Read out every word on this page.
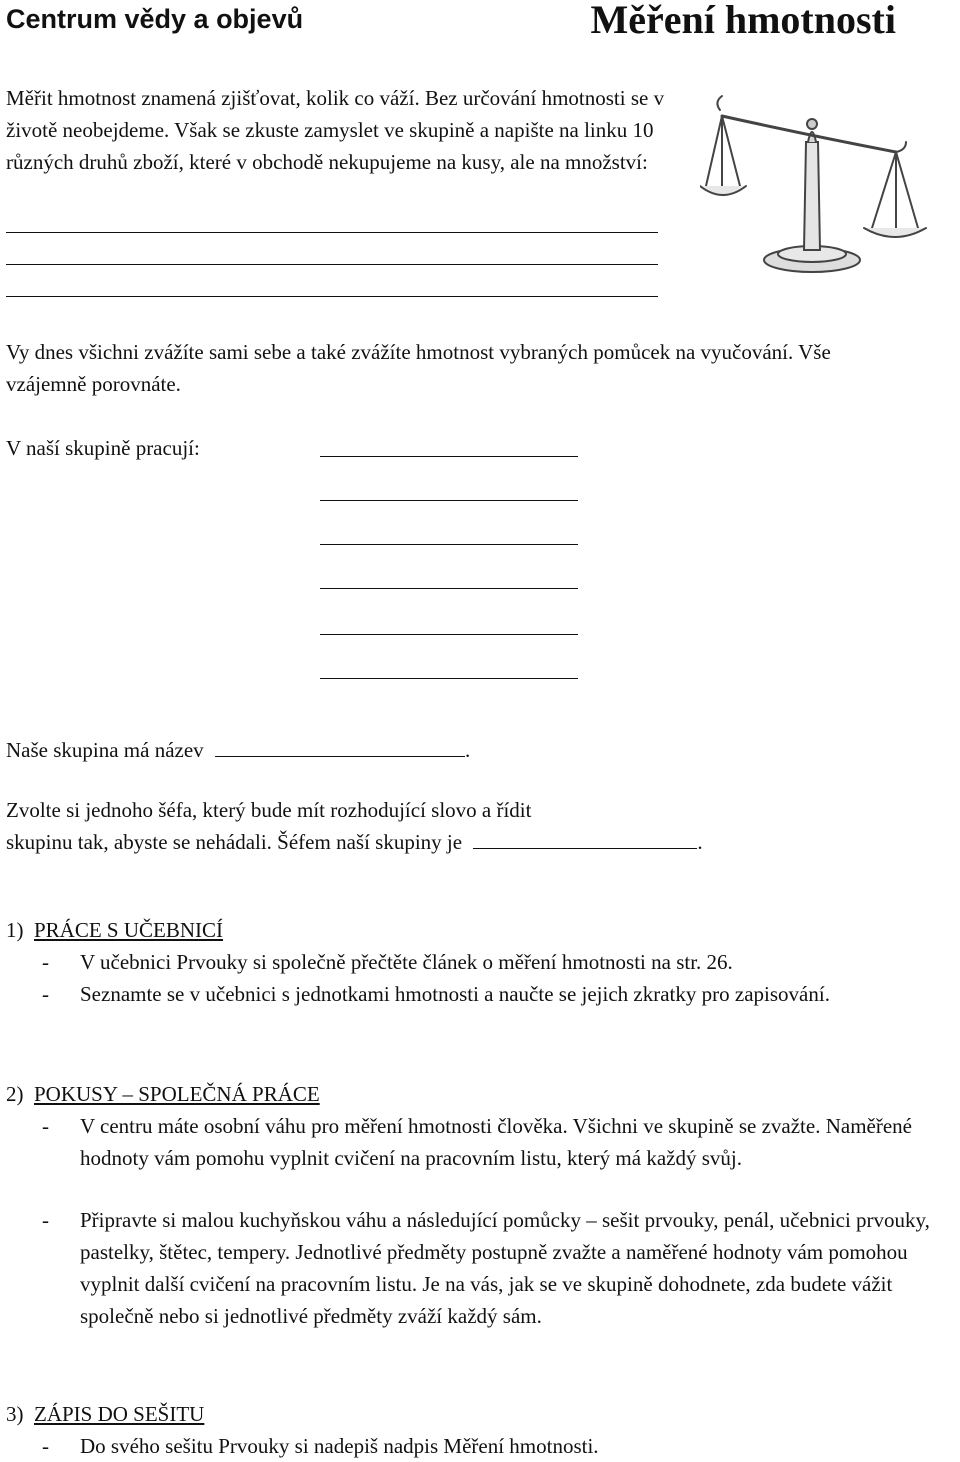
Centrum vědy a objevů	Měření hmotnosti
Měřit hmotnost znamená zjišťovat, kolik co váží. Bez určování hmotnosti se v životě neobejdeme. Však se zkuste zamyslet ve skupině a napište na linku 10 různých druhů zboží, které v obchodě nekupujeme na kusy, ale na množství:
Vy dnes všichni zvážíte sami sebe a také zvážíte hmotnost vybraných pomůcek na vyučování. Vše vzájemně porovnáte.
V naší skupině pracují:
Naše skupina má název	.
Zvolte si jednoho šéfa, který bude mít rozhodující slovo a řídit
skupinu tak, abyste se nehádali. Šéfem naší skupiny je	.
1) PRÁCE S UČEBNICÍ
- V učebnici Prvouky si společně přečtěte článek o měření hmotnosti na str. 26.
- Seznamte se v učebnici s jednotkami hmotnosti a naučte se jejich zkratky pro zapisování.
2) POKUSY – SPOLEČNÁ PRÁCE
- V centru máte osobní váhu pro měření hmotnosti člověka. Všichni ve skupině se zvažte. Naměřené hodnoty vám pomohu vyplnit cvičení na pracovním listu, který má každý svůj.
- Připravte si malou kuchyňskou váhu a následující pomůcky – sešit prvouky, penál, učebnici prvouky, pastelky, štětec, tempery. Jednotlivé předměty postupně zvažte a naměřené hodnoty vám pomohou vyplnit další cvičení na pracovním listu. Je na vás, jak se ve skupině dohodnete, zda budete vážit společně nebo si jednotlivé předměty zváží každý sám.
3) ZÁPIS DO SEŠITU
- Do svého sešitu Prvouky si nadepiš nadpis Měření hmotnosti.
